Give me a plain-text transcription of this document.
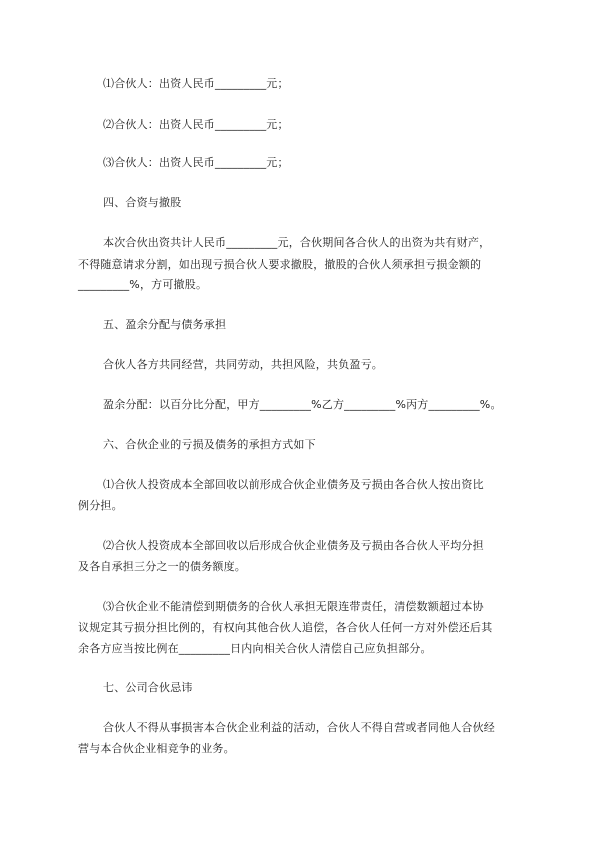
⑴合伙人：出资人民币_________元；
⑵合伙人：出资人民币_________元；
⑶合伙人：出资人民币_________元；
四、合资与撤股
本次合伙出资共计人民币_________元，合伙期间各合伙人的出资为共有财产，
不得随意请求分割，如出现亏损合伙人要求撤股，撤股的合伙人须承担亏损金额的
_________%，方可撤股。
五、盈余分配与债务承担
合伙人各方共同经营，共同劳动，共担风险，共负盈亏。
盈余分配：以百分比分配，甲方_________%乙方_________%丙方_________%。
六、合伙企业的亏损及债务的承担方式如下
⑴合伙人投资成本全部回收以前形成合伙企业债务及亏损由各合伙人按出资比
例分担。
⑵合伙人投资成本全部回收以后形成合伙企业债务及亏损由各合伙人平均分担
及各自承担三分之一的债务额度。
⑶合伙企业不能清偿到期债务的合伙人承担无限连带责任，清偿数额超过本协
议规定其亏损分担比例的，有权向其他合伙人追偿，各合伙人任何一方对外偿还后其
余各方应当按比例在_________日内向相关合伙人清偿自己应负担部分。
七、公司合伙忌讳
合伙人不得从事损害本合伙企业利益的活动，合伙人不得自营或者同他人合伙经
营与本合伙企业相竞争的业务。
